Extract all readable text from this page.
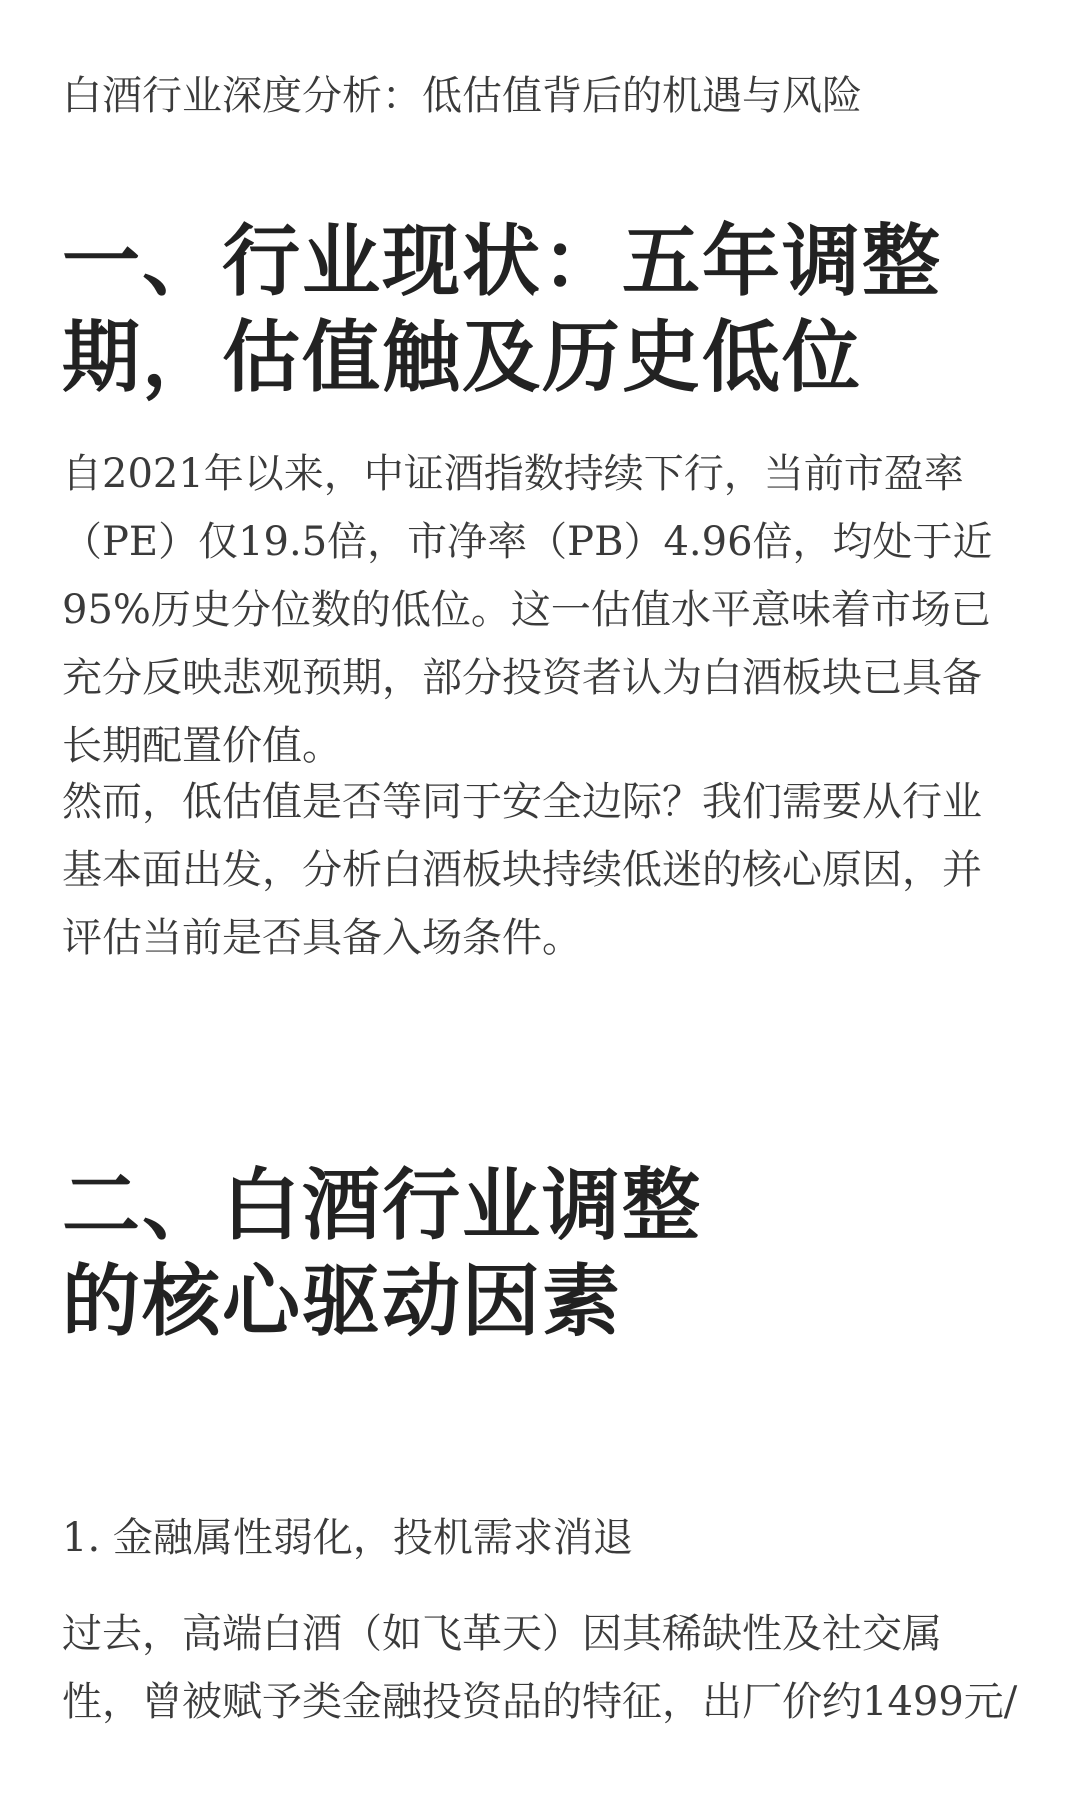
白酒行业深度分析：低估值背后的机遇与风险
一、行业现状：五年调整
期，估值触及历史低位

自2021年以来，中证酒指数持续下行，当前市盈率
（PE）仅19.5倍，市净率（PB）4.96倍，均处于近
95%历史分位数的低位。这一估值水平意味着市场已
充分反映悲观预期，部分投资者认为白酒板块已具备
长期配置价值。

然而，低估值是否等同于安全边际？我们需要从行业
基本面出发，分析白酒板块持续低迷的核心原因，并
评估当前是否具备入场条件。

二、白酒行业调整
的核心驱动因素
1. 金融属性弱化，投机需求消退

过去，高端白酒（如飞革天）因其稀缺性及社交属
性，曾被赋予类金融投资品的特征，出厂价约1499元/
